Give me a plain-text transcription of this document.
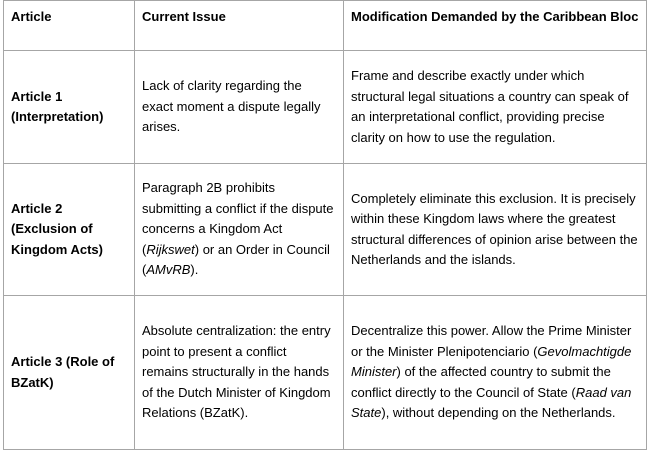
Article	Current Issue	Modification Demanded by the Caribbean Bloc
Article 1 (Interpretation)	Lack of clarity regarding the exact moment a dispute legally arises.	Frame and describe exactly under which structural legal situations a country can speak of an interpretational conflict, providing precise clarity on how to use the regulation.
Article 2 (Exclusion of Kingdom Acts)	Paragraph 2B prohibits submitting a conflict if the dispute concerns a Kingdom Act (Rijkswet) or an Order in Council (AMvRB).	Completely eliminate this exclusion. It is precisely within these Kingdom laws where the greatest structural differences of opinion arise between the Netherlands and the islands.
Article 3 (Role of BZatK)	Absolute centralization: the entry point to present a conflict remains structurally in the hands of the Dutch Minister of Kingdom Relations (BZatK).	Decentralize this power. Allow the Prime Minister or the Minister Plenipotenciario (Gevolmachtigde Minister) of the affected country to submit the conflict directly to the Council of State (Raad van State), without depending on the Netherlands.
